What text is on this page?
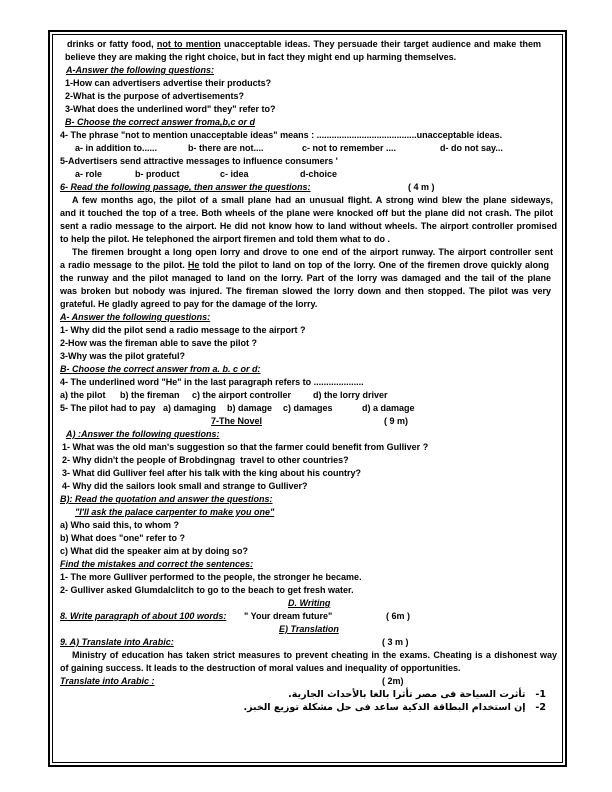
drinks or fatty food, not to mention unacceptable ideas. They persuade their target audience and make them
believe they are making the right choice, but in fact they might end up harming themselves.
A-Answer the following questions:
1-How can advertisers advertise their products?
2-What is the purpose of advertisements?
3-What does the underlined word" they" refer to?
B- Choose the correct answer froma,b,c or d
4- The phrase "not to mention unacceptable ideas" means : ........................................unacceptable ideas.
a- in addition to......	b- there are not....	c- not to remember ....	d- do not say...
5-Advertisers send attractive messages to influence consumers '
a- role	b- product	c- idea	d-choice
6- Read the following passage, then answer the questions:	( 4 m )
A few months ago, the pilot of a small plane had an unusual flight. A strong wind blew the plane sideways,
and it touched the top of a tree. Both wheels of the plane were knocked off but the plane did not crash. The pilot
sent a radio message to the airport. He did not know how to land without wheels. The airport controller promised
to help the pilot. He telephoned the airport firemen and told them what to do .
The firemen brought a long open lorry and drove to one end of the airport runway. The airport controller sent
a radio message to the pilot. He told the pilot to land on top of the lorry. One of the firemen drove quickly along
the runway and the pilot managed to land on the lorry. Part of the lorry was damaged and the tail of the plane
was broken but nobody was injured. The fireman slowed the lorry down and then stopped. The pilot was very
grateful. He gladly agreed to pay for the damage of the lorry.
A- Answer the following questions:
1- Why did the pilot send a radio message to the airport ?
2-How was the fireman able to save the pilot ?
3-Why was the pilot grateful?
B- Choose the correct answer from a. b. c or d:
4- The underlined word "He" in the last paragraph refers to ....................
a) the pilot b) the fireman c) the airport controller d) the lorry driver
5- The pilot had to pay a) damaging b) damage c) damages	d) a damage
7-The Novel	( 9 m)
A) :Answer the following questions:
1- What was the old man's suggestion so that the farmer could benefit from Gulliver ?
2- Why didn't the people of Brobdingnag  travel to other countries?
3- What did Gulliver feel after his talk with the king about his country?
4- Why did the sailors look small and strange to Gulliver?
B): Read the quotation and answer the questions:
"I'll ask the palace carpenter to make you one"
a) Who said this, to whom ?
b) What does "one" refer to ?
c) What did the speaker aim at by doing so?
Find the mistakes and correct the sentences:
1- The more Gulliver performed to the people, the stronger he became.
2- Gulliver asked Glumdalclitch to go to the beach to get fresh water.
D. Writing
8. Write paragraph of about 100 words: " Your dream future"	( 6m )
E) Translation
9. A) Translate into Arabic:	( 3 m )
Ministry of education has taken strict measures to prevent cheating in the exams. Cheating is a dishonest way
of gaining success. It leads to the destruction of moral values and inequality of opportunities.
Translate into Arabic :	( 2m)
1-   تأثرت السياحة فى مصر تأثرا بالغا بالأحداث الجارية.
2-   إن استخدام البطاقة الذكية ساعد فى حل مشكلة توزيع الخبز.
